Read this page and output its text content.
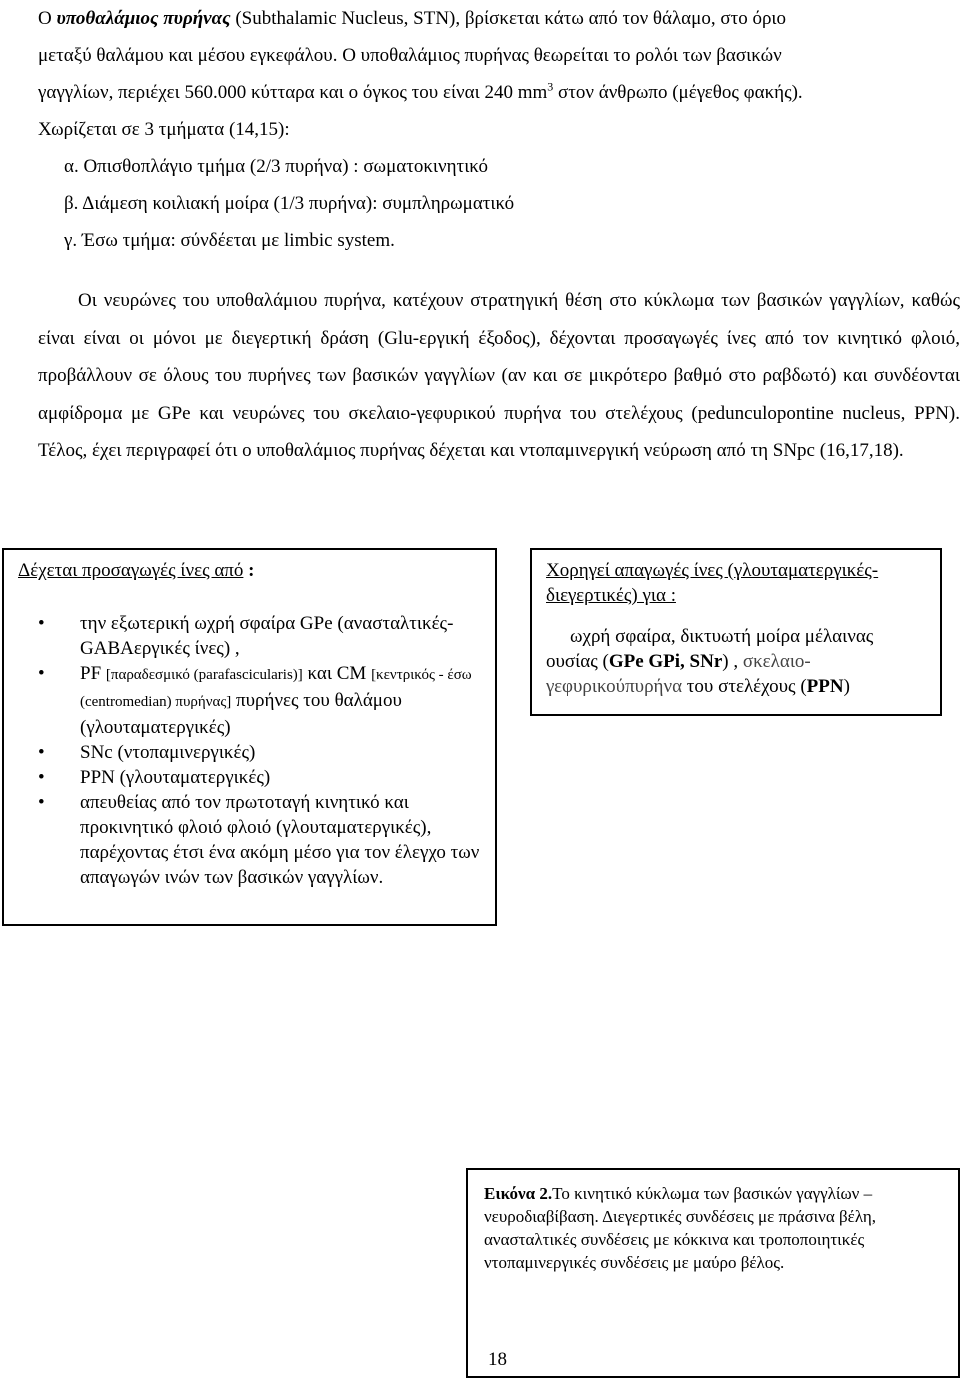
Ο υποθαλάμιος πυρήνας (Subthalamic Nucleus, STN), βρίσκεται κάτω από τον θάλαμο, στο όριο
μεταξύ θαλάμου και μέσου εγκεφάλου. Ο υποθαλάμιος πυρήνας θεωρείται το ρολόι των βασικών
γαγγλίων, περιέχει 560.000 κύτταρα και ο όγκος του είναι 240 $mm^3$ στον άνθρωπο (μέγεθος φακής).
Χωρίζεται σε 3 τμήματα (14,15):
α. Οπισθοπλάγιο τμήμα (2/3 πυρήνα) : σωματοκινητικό
β. Διάμεση κοιλιακή μοίρα (1/3 πυρήνα): συμπληρωματικό
γ. Έσω τμήμα: σύνδέεται με limbic system.
Οι νευρώνες του υποθαλάμιου πυρήνα, κατέχουν στρατηγική θέση στο κύκλωμα των βασικών γαγγλίων, καθώς είναι είναι οι μόνοι με διεγερτική δράση (Glu-εργική έξοδος), δέχονται προσαγωγές ίνες από τον κινητικό φλοιό, προβάλλουν σε όλους του πυρήνες των βασικών γαγγλίων (αν και σε μικρότερο βαθμό στο ραβδωτό) και συνδέονται αμφίδρομα με GPe και νευρώνες του σκελαιο-γεφυρικού πυρήνα του στελέχους (pedunculopontine nucleus, PPN). Τέλος, έχει περιγραφεί ότι ο υποθαλάμιος πυρήνας δέχεται και ντοπαμινεργική νεύρωση από τη SNpc (16,17,18).
Δέχεται προσαγωγές ίνες από :
• την εξωτερική ωχρή σφαίρα GPe (ανασταλτικές-GABAεργικές ίνες) ,
• PF [παραδεσμικό (parafascicularis)] και CM [κεντρικός - έσω (centromedian) πυρήνας] πυρήνες του θαλάμου (γλουταματεργικές)
• SNc (ντοπαμινεργικές)
• PPN (γλουταματεργικές)
• απευθείας από τον πρωτοταγή κινητικό και προκινητικό φλοιό φλοιό (γλουταματεργικές), παρέχοντας έτσι ένα ακόμη μέσο για τον έλεγχο των απαγωγών ινών των βασικών γαγγλίων.
Χορηγεί απαγωγές ίνες (γλουταματεργικές-διεγερτικές) για :
ωχρή σφαίρα, δικτυωτή μοίρα μέλαινας ουσίας (GPe GPi, SNr) , σκελαιο-γεφυρικούπυρήνα του στελέχους (PPN)
Εικόνα 2.Το κινητικό κύκλωμα των βασικών γαγγλίων – νευροδιαβίβαση. Διεγερτικές συνδέσεις με πράσινα βέλη, ανασταλτικές συνδέσεις με κόκκινα και τροποποιητικές ντοπαμινεργικές συνδέσεις με μαύρο βέλος.
18
